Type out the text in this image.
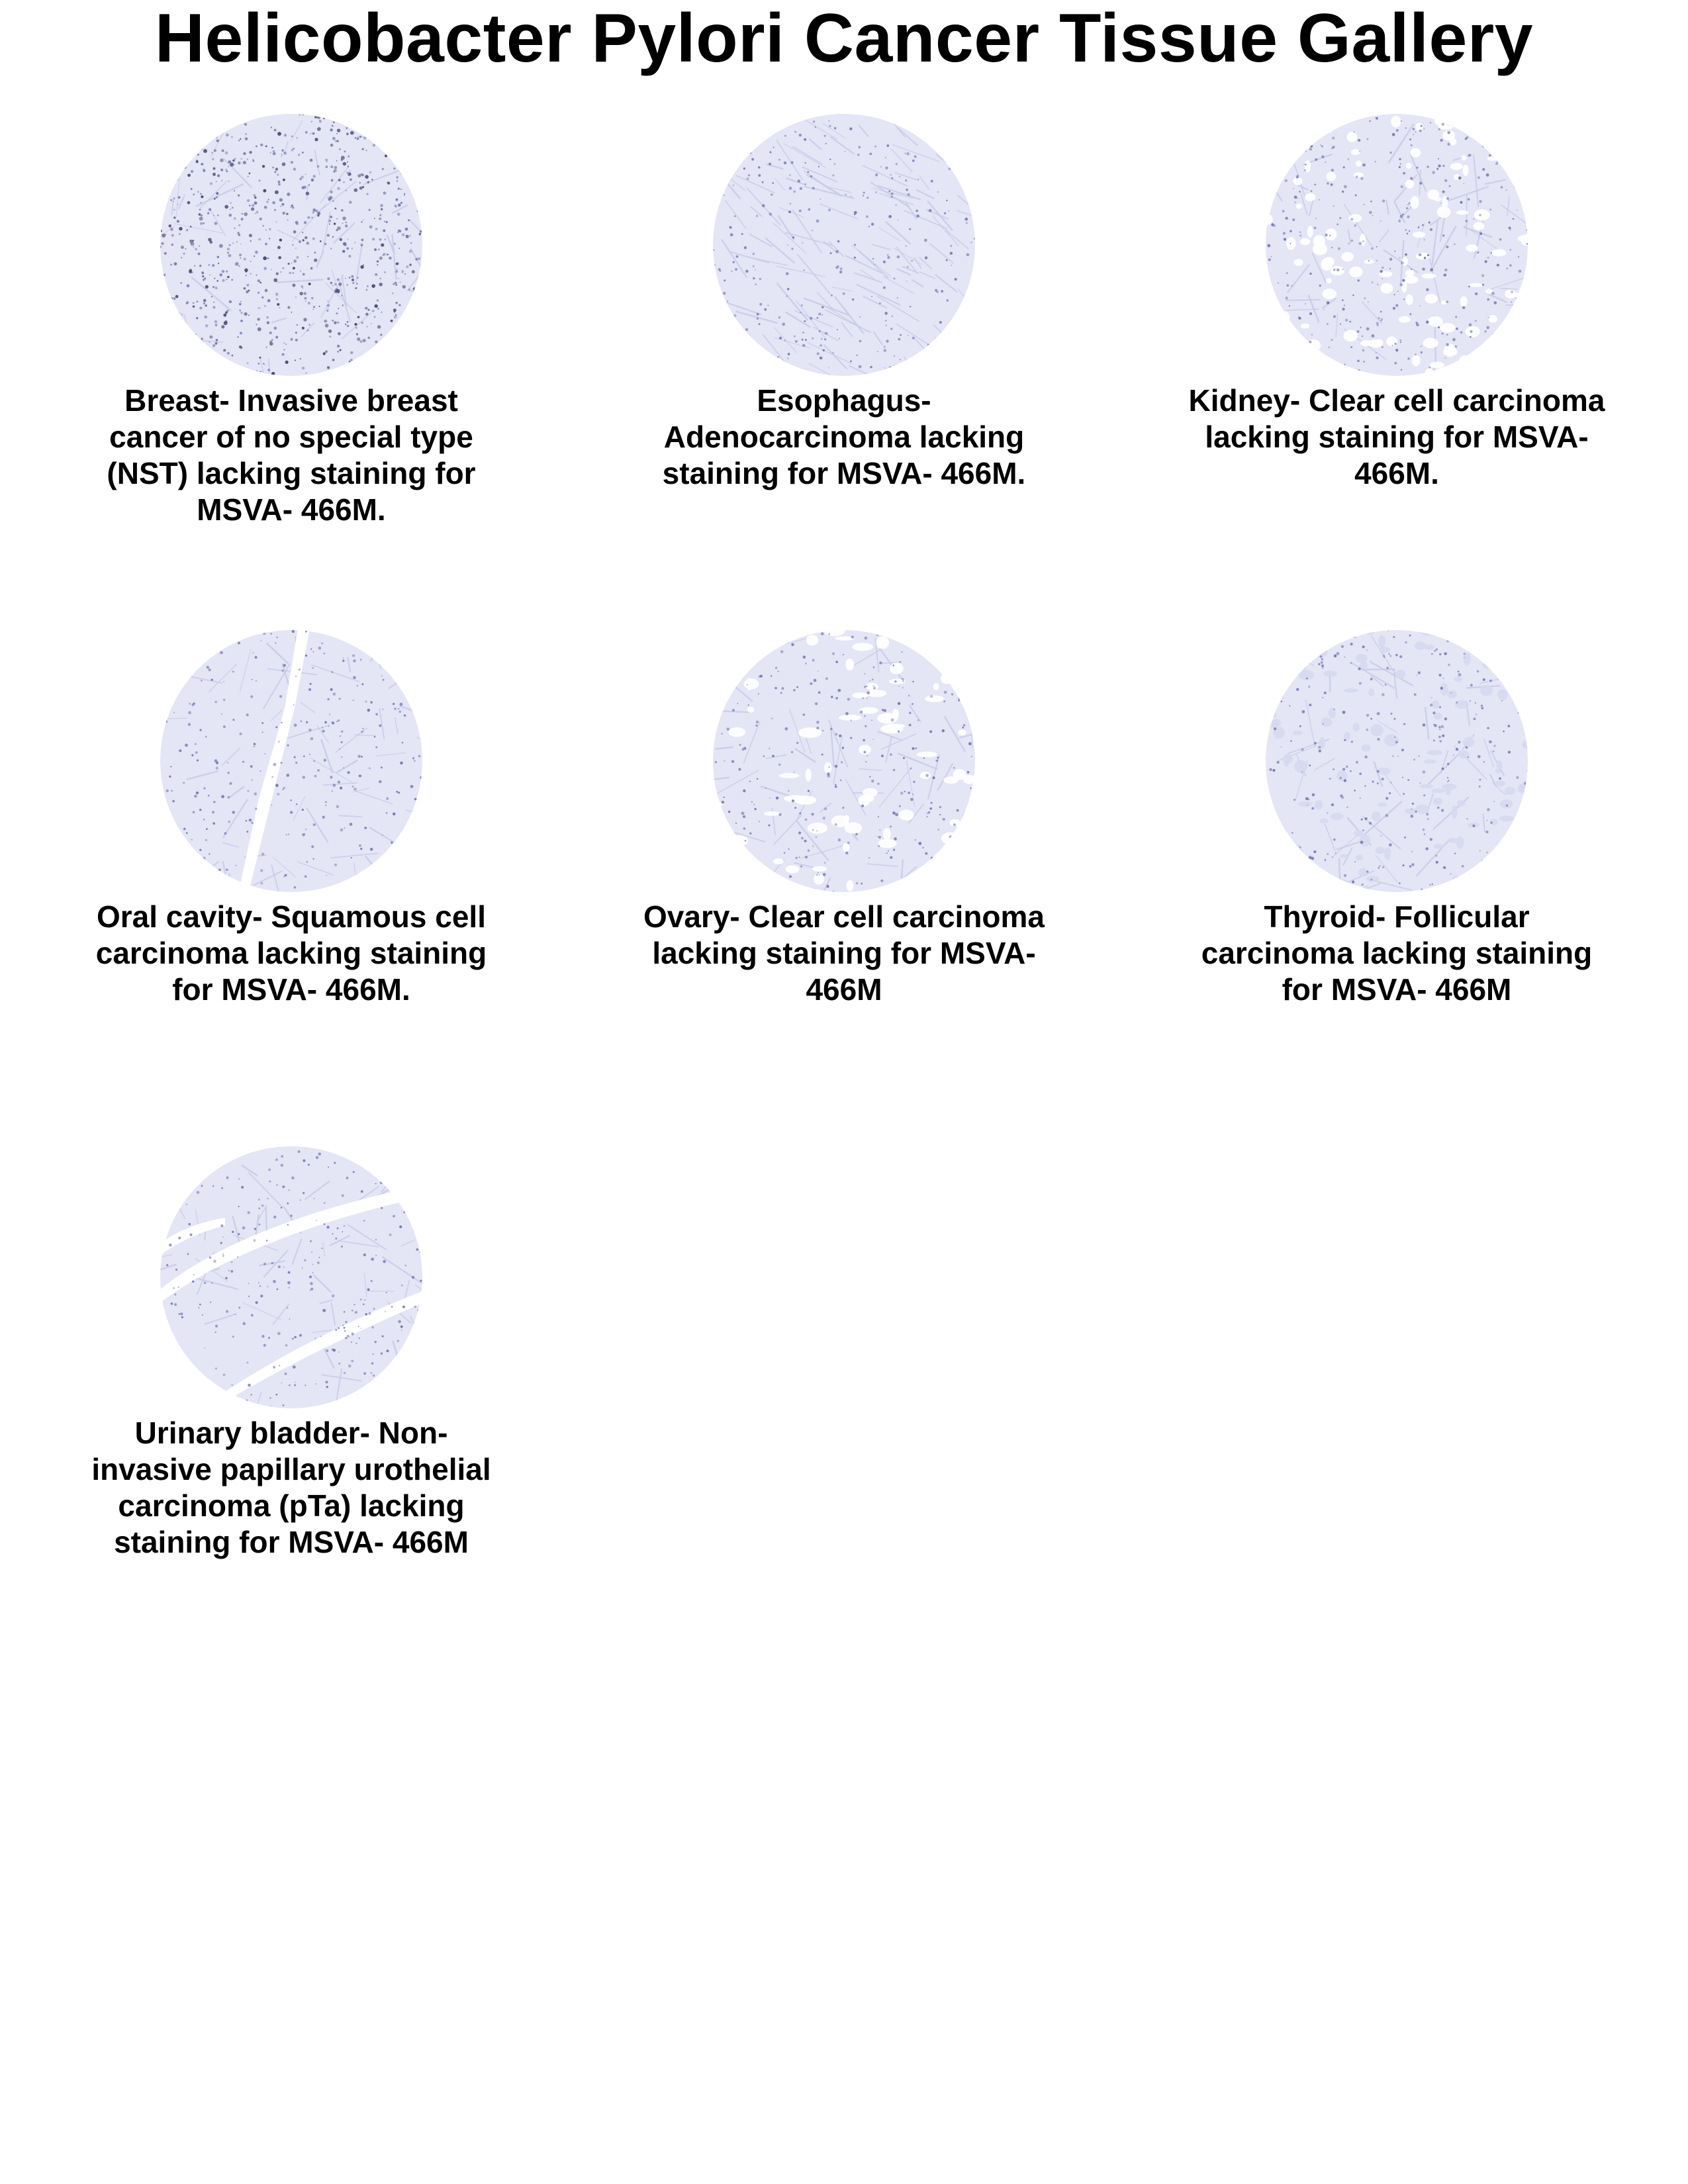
Helicobacter Pylori Cancer Tissue Gallery
Breast- Invasive breast cancer of no special type (NST) lacking staining for MSVA- 466M.
Esophagus- Adenocarcinoma lacking staining for MSVA- 466M.
Kidney- Clear cell carcinoma lacking staining for MSVA- 466M.
Oral cavity- Squamous cell carcinoma lacking staining for MSVA- 466M.
Ovary- Clear cell carcinoma lacking staining for MSVA- 466M
Thyroid- Follicular carcinoma lacking staining for MSVA- 466M
Urinary bladder- Non-invasive papillary urothelial carcinoma (pTa) lacking staining for MSVA- 466M
